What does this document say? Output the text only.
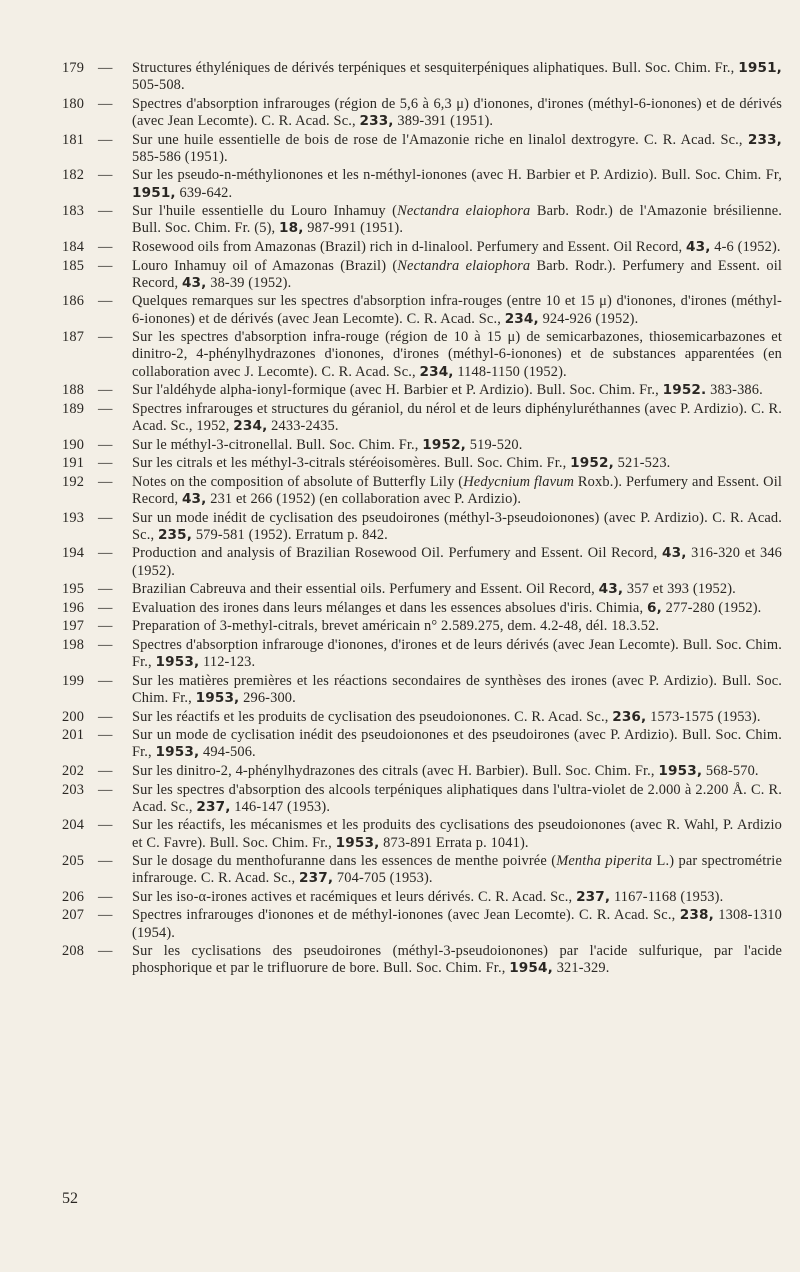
179 —	Structures éthyléniques de dérivés terpéniques et sesquiterpéniques aliphatiques. Bull. Soc. Chim. Fr., 1951, 505-508.
180 —	Spectres d'absorption infrarouges (région de 5,6 à 6,3 μ) d'ionones, d'irones (méthyl-6-ionones) et de dérivés (avec Jean Lecomte). C. R. Acad. Sc., 233, 389-391 (1951).
181 —	Sur une huile essentielle de bois de rose de l'Amazonie riche en linalol dextrogyre. C. R. Acad. Sc., 233, 585-586 (1951).
182 —	Sur les pseudo-n-méthylionones et les n-méthyl-ionones (avec H. Barbier et P. Ardizio). Bull. Soc. Chim. Fr, 1951, 639-642.
183 —	Sur l'huile essentielle du Louro Inhamuy (Nectandra elaiophora Barb. Rodr.) de l'Amazonie brésilienne. Bull. Soc. Chim. Fr. (5), 18, 987-991 (1951).
184 —	Rosewood oils from Amazonas (Brazil) rich in d-linalool. Perfumery and Essent. Oil Record, 43, 4-6 (1952).
185 —	Louro Inhamuy oil of Amazonas (Brazil) (Nectandra elaiophora Barb. Rodr.). Perfumery and Essent. oil Record, 43, 38-39 (1952).
186 —	Quelques remarques sur les spectres d'absorption infra-rouges (entre 10 et 15 μ) d'ionones, d'irones (méthyl-6-ionones) et de dérivés (avec Jean Lecomte). C. R. Acad. Sc., 234, 924-926 (1952).
187 —	Sur les spectres d'absorption infra-rouge (région de 10 à 15 μ) de semicarbazones, thiosemicarbazones et dinitro-2, 4-phénylhydrazones d'ionones, d'irones (méthyl-6-ionones) et de substances apparentées (en collaboration avec J. Lecomte). C. R. Acad. Sc., 234, 1148-1150 (1952).
188 —	Sur l'aldéhyde alpha-ionyl-formique (avec H. Barbier et P. Ardizio). Bull. Soc. Chim. Fr., 1952. 383-386.
189 —	Spectres infrarouges et structures du géraniol, du nérol et de leurs diphényluréthannes (avec P. Ardizio). C. R. Acad. Sc., 1952, 234, 2433-2435.
190 —	Sur le méthyl-3-citronellal. Bull. Soc. Chim. Fr., 1952, 519-520.
191 —	Sur les citrals et les méthyl-3-citrals stéréoisomères. Bull. Soc. Chim. Fr., 1952, 521-523.
192 —	Notes on the composition of absolute of Butterfly Lily (Hedycnium flavum Roxb.). Perfumery and Essent. Oil Record, 43, 231 et 266 (1952) (en collaboration avec P. Ardizio).
193 —	Sur un mode inédit de cyclisation des pseudoirones (méthyl-3-pseudoionones) (avec P. Ardizio). C. R. Acad. Sc., 235, 579-581 (1952). Erratum p. 842.
194 —	Production and analysis of Brazilian Rosewood Oil. Perfumery and Essent. Oil Record, 43, 316-320 et 346 (1952).
195 —	Brazilian Cabreuva and their essential oils. Perfumery and Essent. Oil Record, 43, 357 et 393 (1952).
196 —	Evaluation des irones dans leurs mélanges et dans les essences absolues d'iris. Chimia, 6, 277-280 (1952).
197 —	Preparation of 3-methyl-citrals, brevet américain n° 2.589.275, dem. 4.2-48, dél. 18.3.52.
198 —	Spectres d'absorption infrarouge d'ionones, d'irones et de leurs dérivés (avec Jean Lecomte). Bull. Soc. Chim. Fr., 1953, 112-123.
199 —	Sur les matières premières et les réactions secondaires de synthèses des irones (avec P. Ardizio). Bull. Soc. Chim. Fr., 1953, 296-300.
200 —	Sur les réactifs et les produits de cyclisation des pseudoionones. C. R. Acad. Sc., 236, 1573-1575 (1953).
201 —	Sur un mode de cyclisation inédit des pseudoionones et des pseudoirones (avec P. Ardizio). Bull. Soc. Chim. Fr., 1953, 494-506.
202 —	Sur les dinitro-2, 4-phénylhydrazones des citrals (avec H. Barbier). Bull. Soc. Chim. Fr., 1953, 568-570.
203 —	Sur les spectres d'absorption des alcools terpéniques aliphatiques dans l'ultra-violet de 2.000 à 2.200 Å. C. R. Acad. Sc., 237, 146-147 (1953).
204 —	Sur les réactifs, les mécanismes et les produits des cyclisations des pseudoionones (avec R. Wahl, P. Ardizio et C. Favre). Bull. Soc. Chim. Fr., 1953, 873-891 Errata p. 1041).
205 —	Sur le dosage du menthofuranne dans les essences de menthe poivrée (Mentha piperita L.) par spectrométrie infrarouge. C. R. Acad. Sc., 237, 704-705 (1953).
206 —	Sur les iso-α-irones actives et racémiques et leurs dérivés. C. R. Acad. Sc., 237, 1167-1168 (1953).
207 —	Spectres infrarouges d'ionones et de méthyl-ionones (avec Jean Lecomte). C. R. Acad. Sc., 238, 1308-1310 (1954).
208 —	Sur les cyclisations des pseudoirones (méthyl-3-pseudoionones) par l'acide sulfurique, par l'acide phosphorique et par le trifluorure de bore. Bull. Soc. Chim. Fr., 1954, 321-329.
52
